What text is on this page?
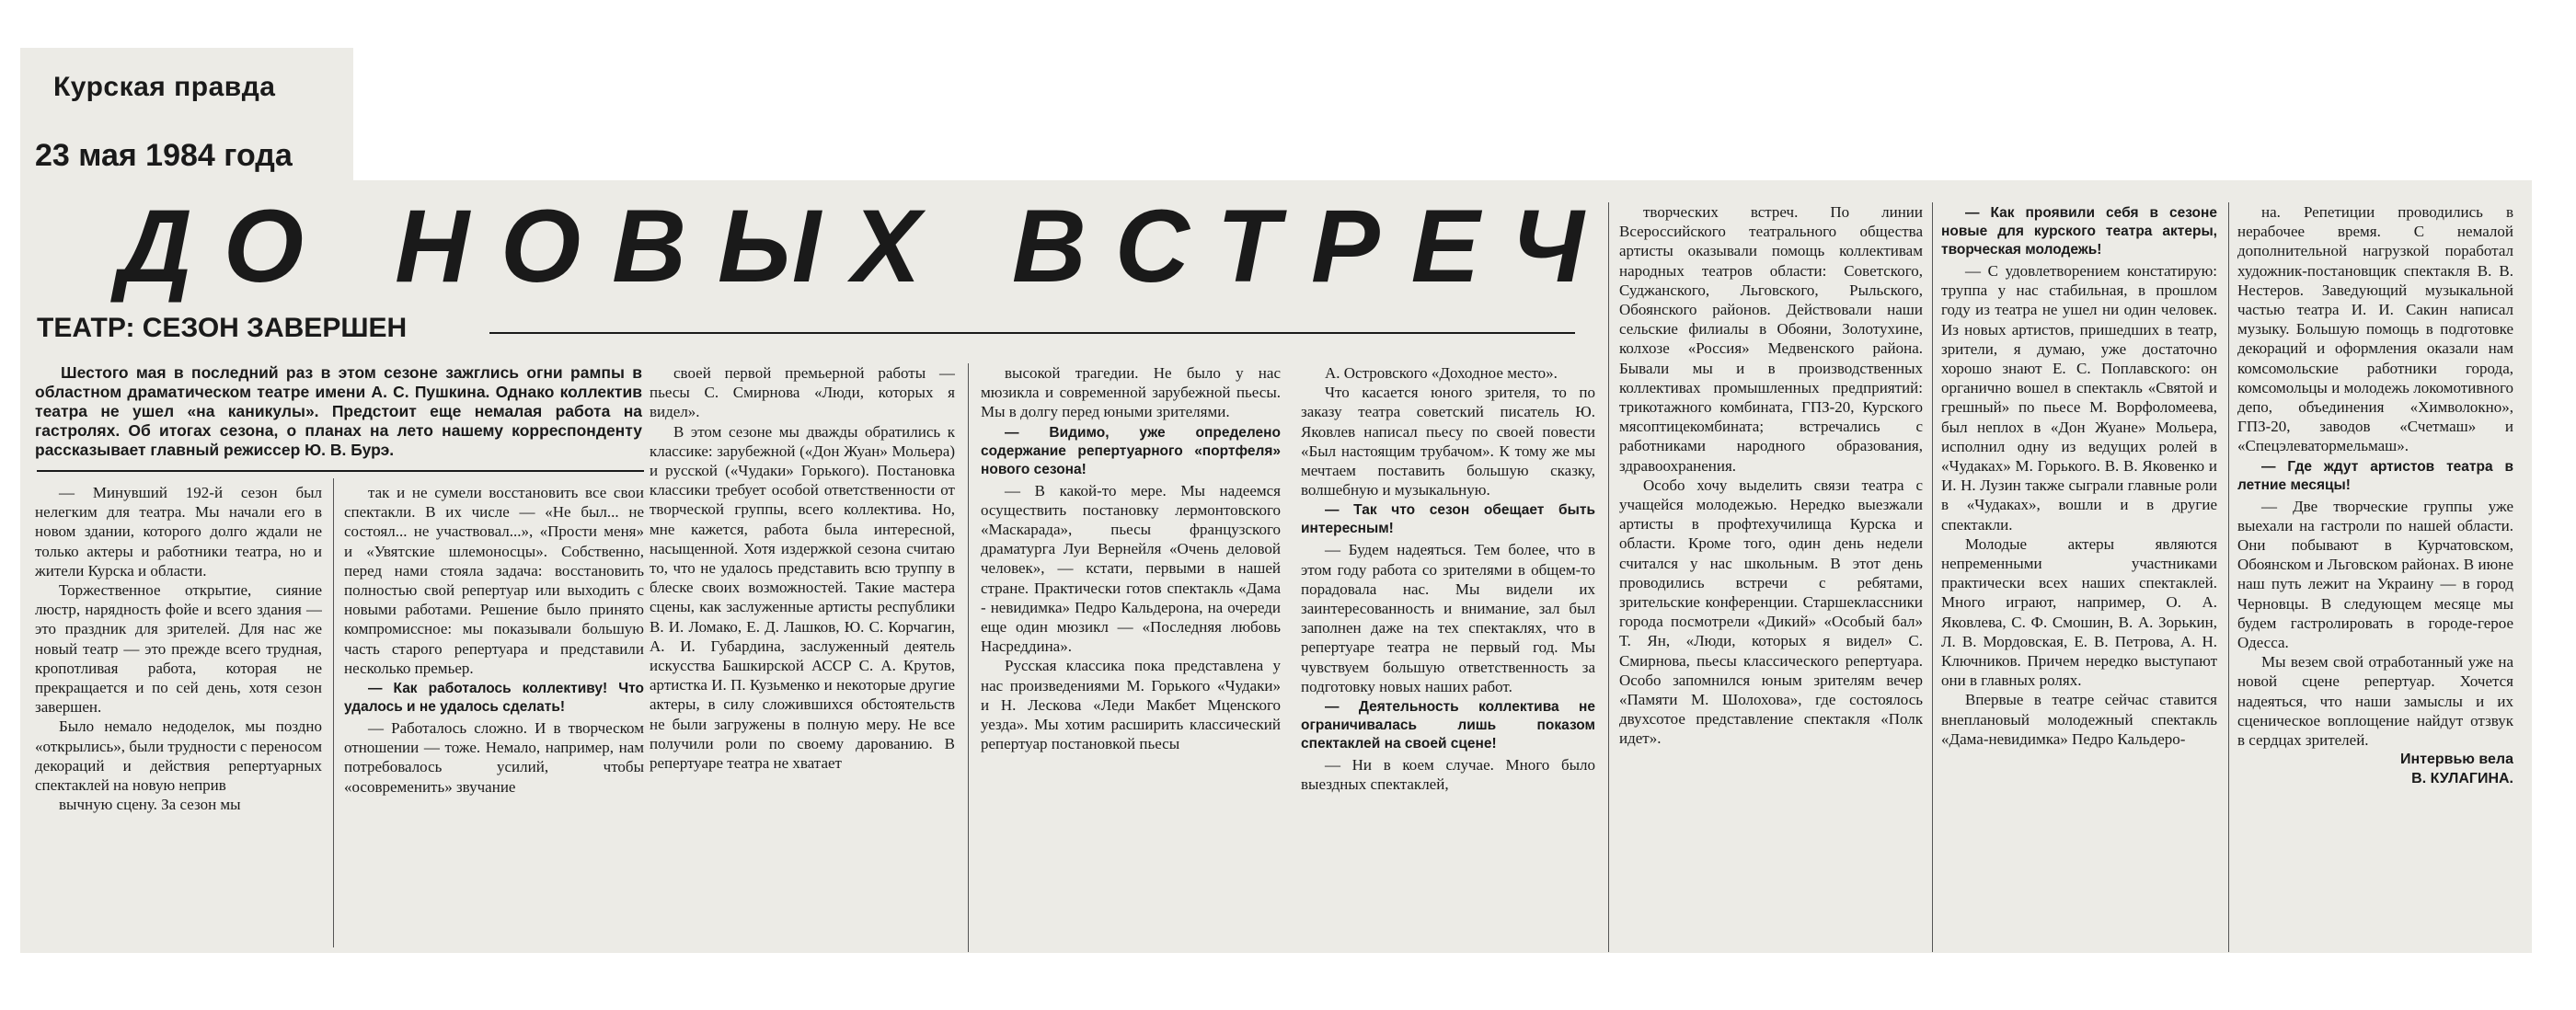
Курская правда
23 мая 1984 года
ДО НОВЫХ ВСТРЕЧ
ТЕАТР: СЕЗОН ЗАВЕРШЕН
Шестого мая в последний раз в этом сезоне зажглись огни рампы в областном драматическом театре имени А. С. Пушкина. Однако коллектив театра не ушел «на каникулы». Предстоит еще немалая работа на гастролях. Об итогах сезона, о планах на лето нашему корреспонденту рассказывает главный режиссер Ю. В. Бурэ.

— Минувший 192-й сезон был нелегким для театра. Мы начали его в новом здании, которого долго ждали не только актеры и работники театра, но и жители Курска и области.

Торжественное открытие, сияние люстр, нарядность фойе и всего здания — это праздник для зрителей. Для нас же новый театр — это прежде всего трудная, кропотливая работа, которая не прекращается и по сей день, хотя сезон завершен.

Было немало недоделок, мы поздно «открылись», были трудности с переносом декораций и действия репертуарных спектаклей на новую неприв

вычную сцену. За сезон мы

так и не сумели восстановить все свои спектакли. В их числе — «Не был... не состоял... не участвовал...», «Прости меня» и «Увятские шлемоносцы». Собственно, перед нами стояла задача: восстановить полностью свой репертуар или выходить с новыми работами. Решение было принято компромиссное: мы показывали большую часть старого репертуара и представили несколько премьер.

— Как работалось коллективу! Что удалось и не удалось сделать!

— Работалось сложно. И в творческом отношении — тоже. Немало, например, нам потребовалось усилий, чтобы «осовременить» звучание

своей первой премьерной работы — пьесы С. Смирнова «Люди, которых я видел».

В этом сезоне мы дважды обратились к классике: зарубежной («Дон Жуан» Мольера) и русской («Чудаки» Горького). Постановка классики требует особой ответственности от творческой группы, всего коллектива. Но, мне кажется, работа была интересной, насыщенной. Хотя издержкой сезона считаю то, что не удалось представить всю труппу в блеске своих возможностей. Такие мастера сцены, как заслуженные артисты республики В. И. Ломако, Е. Д. Лашков, Ю. С. Корчагин, А. И. Губардина, заслуженный деятель искусства Башкирской АССР С. А. Крутов, артистка И. П. Кузьменко и некоторые другие актеры, в силу сложившихся обстоятельств не были загружены в полную меру. Не все получили роли по своему дарованию. В репертуаре театра не хватает

высокой трагедии. Не было у нас мюзикла и современной зарубежной пьесы. Мы в долгу перед юными зрителями.

— Видимо, уже определено содержание репертуарного «портфеля» нового сезона!

— В какой-то мере. Мы надеемся осуществить постановку лермонтовского «Маскарада», пьесы французского драматурга Луи Вернейля «Очень деловой человек», — кстати, первыми в нашей стране. Практически готов спектакль «Дама - невидимка» Педро Кальдерона, на очереди еще один мюзикл — «Последняя любовь Насреддина».

Русская классика пока представлена у нас произведениями М. Горького «Чудаки» и Н. Лескова «Леди Макбет Мценского уезда». Мы хотим расширить классический репертуар постановкой пьесы

А. Островского «Доходное место».

Что касается юного зрителя, то по заказу театра советский писатель Ю. Яковлев написал пьесу по своей повести «Был настоящим трубачом». К тому же мы мечтаем поставить большую сказку, волшебную и музыкальную.

— Так что сезон обещает быть интересным!

— Будем надеяться. Тем более, что в этом году работа со зрителями в общем-то порадовала нас. Мы видели их заинтересованность и внимание, зал был заполнен даже на тех спектаклях, что в репертуаре театра не первый год. Мы чувствуем большую ответственность за подготовку новых наших работ.

— Деятельность коллектива не ограничивалась лишь показом спектаклей на своей сцене!

— Ни в коем случае. Много было выездных спектаклей,

творческих встреч. По линии Всероссийского театрального общества артисты оказывали помощь коллективам народных театров области: Советского, Суджанского, Льговского, Рыльского, Обоянского районов. Действовали наши сельские филиалы в Обояни, Золотухине, колхозе «Россия» Медвенского района. Бывали мы и в производственных коллективах промышленных предприятий: трикотажного комбината, ГПЗ-20, Курского мясоптицекомбината; встречались с работниками народного образования, здравоохранения.

Особо хочу выделить связи театра с учащейся молодежью. Нередко выезжали артисты в профтехучилища Курска и области. Кроме того, один день недели считался у нас школьным. В этот день проводились встречи с ребятами, зрительские конференции. Старшеклассники города посмотрели «Дикий» «Особый бал» Т. Ян, «Люди, которых я видел» С. Смирнова, пьесы классического репертуара. Особо запомнился юным зрителям вечер «Памяти М. Шолохова», где состоялось двухсотое представление спектакля «Полк идет».

— Как проявили себя в сезоне новые для курского театра актеры, творческая молодежь!

— С удовлетворением констатирую: труппа у нас стабильная, в прошлом году из театра не ушел ни один человек. Из новых артистов, пришедших в театр, зрители, я думаю, уже достаточно хорошо знают Е. С. Поплавского: он органично вошел в спектакль «Святой и грешный» по пьесе М. Ворфоломеева, был неплох в «Дон Жуане» Мольера, исполнил одну из ведущих ролей в «Чудаках» М. Горького. В. В. Яковенко и И. Н. Лузин также сыграли главные роли в «Чудаках», вошли и в другие спектакли.

Молодые актеры являются непременными участниками практически всех наших спектаклей. Много играют, например, О. А. Яковлева, С. Ф. Смошин, В. А. Зорькин, Л. В. Мордовская, Е. В. Петрова, А. Н. Ключников. Причем нередко выступают они в главных ролях.

Впервые в театре сейчас ставится внеплановый молодежный спектакль «Дама-невидимка» Педро Кальдеро-

на. Репетиции проводились в нерабочее время. С немалой дополнительной нагрузкой поработал художник-постановщик спектакля В. В. Нестеров. Заведующий музыкальной частью театра И. И. Сакин написал музыку. Большую помощь в подготовке декораций и оформления оказали нам комсомольские работники города, комсомольцы и молодежь локомотивного депо, объединения «Химволокно», ГПЗ-20, заводов «Счетмаш» и «Спецэлеватормельмаш».

— Где ждут артистов театра в летние месяцы!

— Две творческие группы уже выехали на гастроли по нашей области. Они побывают в Курчатовском, Обоянском и Льговском районах. В июне наш путь лежит на Украину — в город Черновцы. В следующем месяце мы будем гастролировать в городе-герое Одесса.

Мы везем свой отработанный уже на новой сцене репертуар. Хочется надеяться, что наши замыслы и их сценическое воплощение найдут отзвук в сердцах зрителей.

Интервью вела

В. КУЛАГИНА.
